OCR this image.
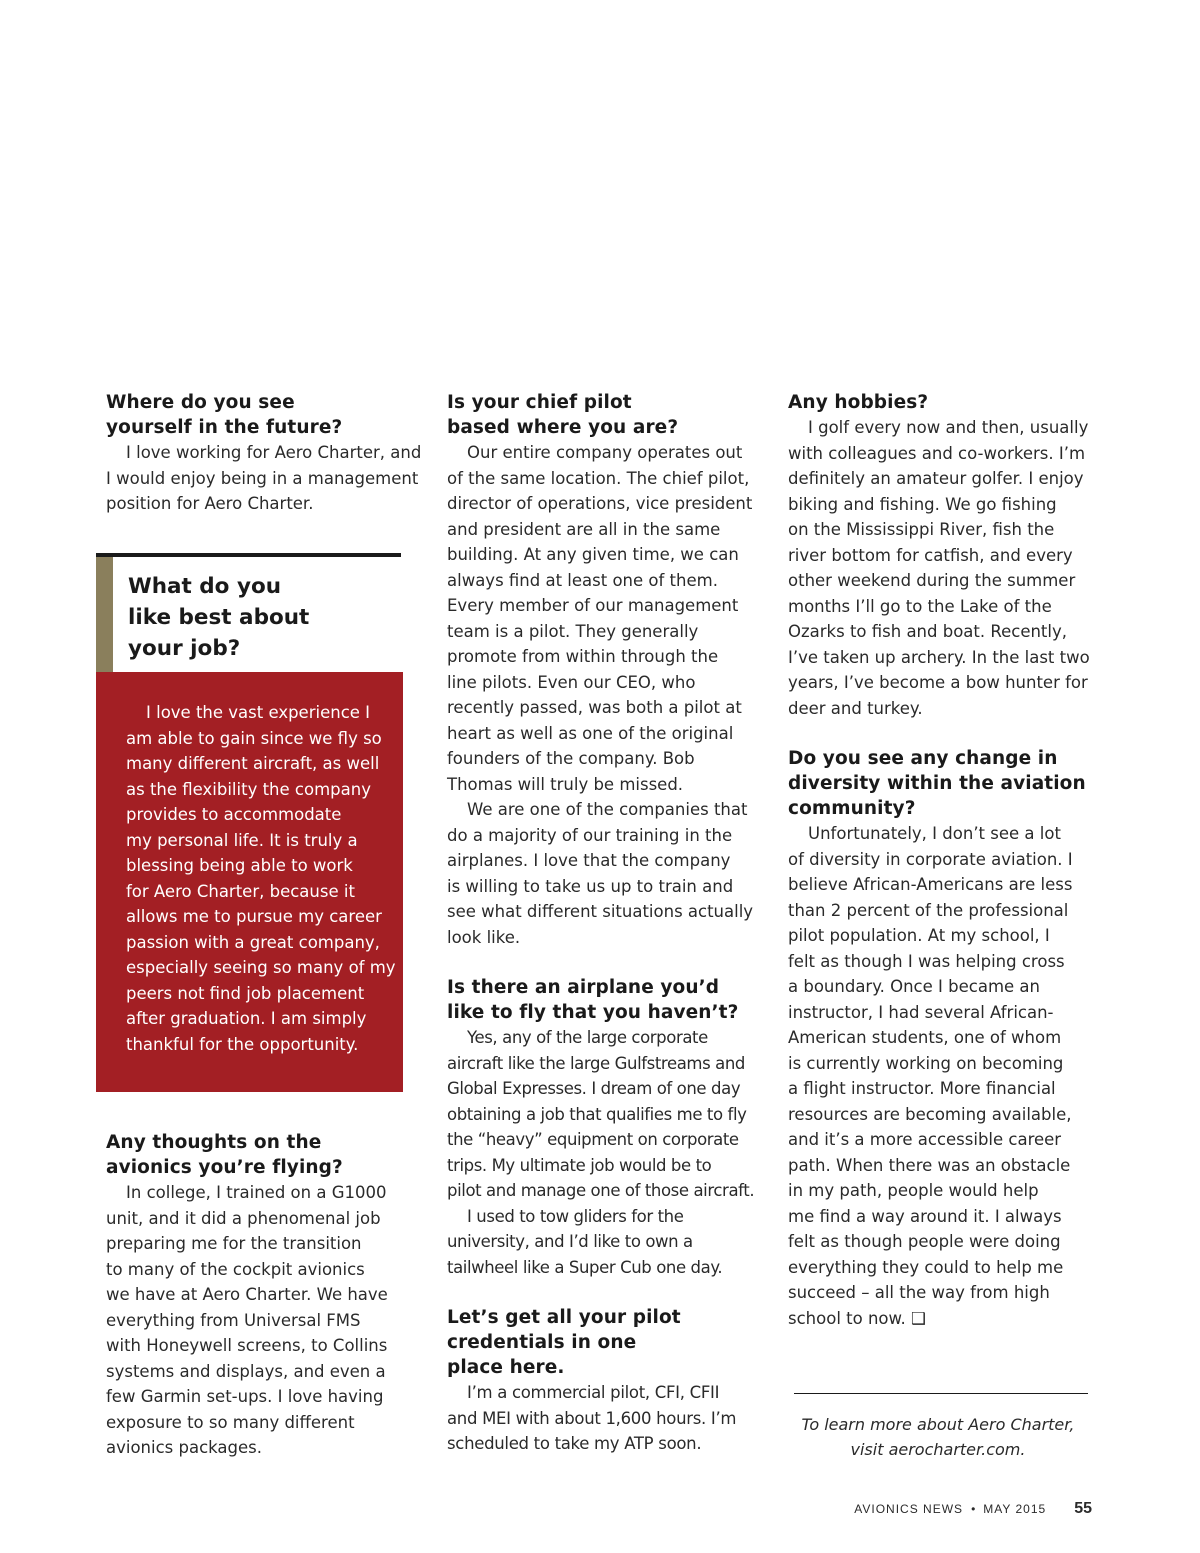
Where do you see
yourself in the future?

I love working for Aero Charter, and
I would enjoy being in a management
position for Aero Charter.

What do you
like best about
your job?

I love the vast experience I
am able to gain since we fly so
many different aircraft, as well
as the flexibility the company
provides to accommodate
my personal life. It is truly a
blessing being able to work
for Aero Charter, because it
allows me to pursue my career
passion with a great company,
especially seeing so many of my
peers not find job placement
after graduation. I am simply
thankful for the opportunity.

Any thoughts on the
avionics you’re flying?

In college, I trained on a G1000
unit, and it did a phenomenal job
preparing me for the transition
to many of the cockpit avionics
we have at Aero Charter. We have
everything from Universal FMS
with Honeywell screens, to Collins
systems and displays, and even a
few Garmin set-ups. I love having
exposure to so many different
avionics packages.

Is your chief pilot
based where you are?

Our entire company operates out
of the same location. The chief pilot,
director of operations, vice president
and president are all in the same
building. At any given time, we can
always find at least one of them.
Every member of our management
team is a pilot. They generally
promote from within through the
line pilots. Even our CEO, who
recently passed, was both a pilot at
heart as well as one of the original
founders of the company. Bob
Thomas will truly be missed.

We are one of the companies that
do a majority of our training in the
airplanes. I love that the company
is willing to take us up to train and
see what different situations actually
look like.

Is there an airplane you’d
like to fly that you haven’t?

Yes, any of the large corporate
aircraft like the large Gulfstreams and
Global Expresses. I dream of one day
obtaining a job that qualifies me to fly
the “heavy” equipment on corporate
trips. My ultimate job would be to
pilot and manage one of those aircraft.

I used to tow gliders for the
university, and I’d like to own a
tailwheel like a Super Cub one day.

Let’s get all your pilot
credentials in one
place here.

I’m a commercial pilot, CFI, CFII
and MEI with about 1,600 hours. I’m
scheduled to take my ATP soon.

Any hobbies?

I golf every now and then, usually
with colleagues and co-workers. I’m
definitely an amateur golfer. I enjoy
biking and fishing. We go fishing
on the Mississippi River, fish the
river bottom for catfish, and every
other weekend during the summer
months I’ll go to the Lake of the
Ozarks to fish and boat. Recently,
I’ve taken up archery. In the last two
years, I’ve become a bow hunter for
deer and turkey.

Do you see any change in
diversity within the aviation
community?

Unfortunately, I don’t see a lot
of diversity in corporate aviation. I
believe African-Americans are less
than 2 percent of the professional
pilot population. At my school, I
felt as though I was helping cross
a boundary. Once I became an
instructor, I had several African-
American students, one of whom
is currently working on becoming
a flight instructor. More financial
resources are becoming available,
and it’s a more accessible career
path. When there was an obstacle
in my path, people would help
me find a way around it. I always
felt as though people were doing
everything they could to help me
succeed – all the way from high
school to now. ❑

To learn more about Aero Charter,
visit aerocharter.com.
AVIONICS NEWS • MAY 2015 55
